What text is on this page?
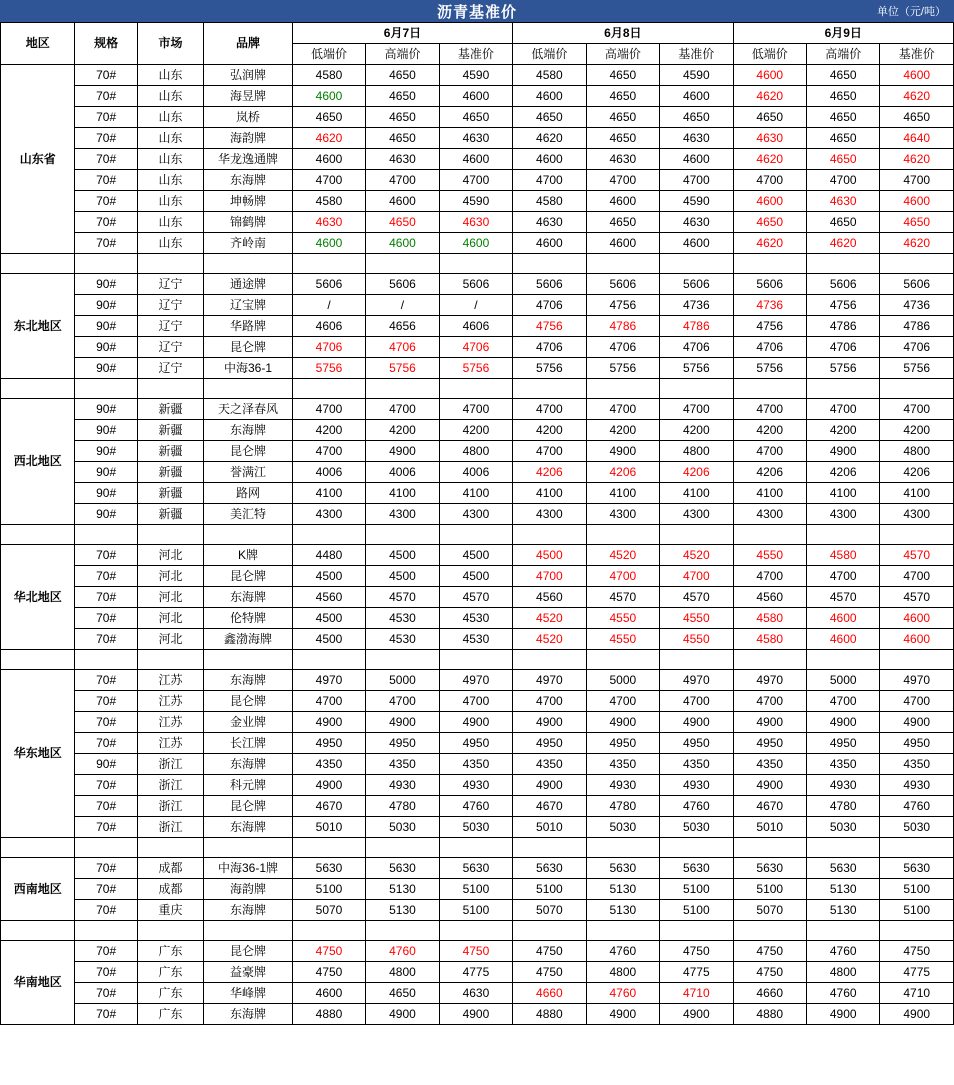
沥青基准价	单位（元/吨）
地区	规格	市场	品牌	6月7日			6月8日			6月9日		
				低端价	高端价	基准价	低端价	高端价	基准价	低端价	高端价	基准价
山东省	70#	山东	弘润牌	4580	4650	4590	4580	4650	4590	4600	4650	4600
	70#	山东	海昱牌	4600	4650	4600	4600	4650	4600	4620	4650	4620
	70#	山东	岚桥	4650	4650	4650	4650	4650	4650	4650	4650	4650
	70#	山东	海韵牌	4620	4650	4630	4620	4650	4630	4630	4650	4640
	70#	山东	华龙逸通牌	4600	4630	4600	4600	4630	4600	4620	4650	4620
	70#	山东	东海牌	4700	4700	4700	4700	4700	4700	4700	4700	4700
	70#	山东	坤畅牌	4580	4600	4590	4580	4600	4590	4600	4630	4600
	70#	山东	锦鹤牌	4630	4650	4630	4630	4650	4630	4650	4650	4650
	70#	山东	齐岭南	4600	4600	4600	4600	4600	4600	4620	4620	4620

东北地区	90#	辽宁	通途牌	5606	5606	5606	5606	5606	5606	5606	5606	5606
	90#	辽宁	辽宝牌	/	/	/	4706	4756	4736	4736	4756	4736
	90#	辽宁	华路牌	4606	4656	4606	4756	4786	4786	4756	4786	4786
	90#	辽宁	昆仑牌	4706	4706	4706	4706	4706	4706	4706	4706	4706
	90#	辽宁	中海36-1	5756	5756	5756	5756	5756	5756	5756	5756	5756

西北地区	90#	新疆	天之泽春风	4700	4700	4700	4700	4700	4700	4700	4700	4700
	90#	新疆	东海牌	4200	4200	4200	4200	4200	4200	4200	4200	4200
	90#	新疆	昆仑牌	4700	4900	4800	4700	4900	4800	4700	4900	4800
	90#	新疆	誉满江	4006	4006	4006	4206	4206	4206	4206	4206	4206
	90#	新疆	路网	4100	4100	4100	4100	4100	4100	4100	4100	4100
	90#	新疆	美汇特	4300	4300	4300	4300	4300	4300	4300	4300	4300

华北地区	70#	河北	K牌	4480	4500	4500	4500	4520	4520	4550	4580	4570
	70#	河北	昆仑牌	4500	4500	4500	4700	4700	4700	4700	4700	4700
	70#	河北	东海牌	4560	4570	4570	4560	4570	4570	4560	4570	4570
	70#	河北	伦特牌	4500	4530	4530	4520	4550	4550	4580	4600	4600
	70#	河北	鑫渤海牌	4500	4530	4530	4520	4550	4550	4580	4600	4600

华东地区	70#	江苏	东海牌	4970	5000	4970	4970	5000	4970	4970	5000	4970
	70#	江苏	昆仑牌	4700	4700	4700	4700	4700	4700	4700	4700	4700
	70#	江苏	金业牌	4900	4900	4900	4900	4900	4900	4900	4900	4900
	70#	江苏	长江牌	4950	4950	4950	4950	4950	4950	4950	4950	4950
	90#	浙江	东海牌	4350	4350	4350	4350	4350	4350	4350	4350	4350
	70#	浙江	科元牌	4900	4930	4930	4900	4930	4930	4900	4930	4930
	70#	浙江	昆仑牌	4670	4780	4760	4670	4780	4760	4670	4780	4760
	70#	浙江	东海牌	5010	5030	5030	5010	5030	5030	5010	5030	5030

西南地区	70#	成都	中海36-1牌	5630	5630	5630	5630	5630	5630	5630	5630	5630
	70#	成都	海韵牌	5100	5130	5100	5100	5130	5100	5100	5130	5100
	70#	重庆	东海牌	5070	5130	5100	5070	5130	5100	5070	5130	5100

华南地区	70#	广东	昆仑牌	4750	4760	4750	4750	4760	4750	4750	4760	4750
	70#	广东	益豪牌	4750	4800	4775	4750	4800	4775	4750	4800	4775
	70#	广东	华峰牌	4600	4650	4630	4660	4760	4710	4660	4760	4710
	70#	广东	东海牌	4880	4900	4900	4880	4900	4900	4880	4900	4900
